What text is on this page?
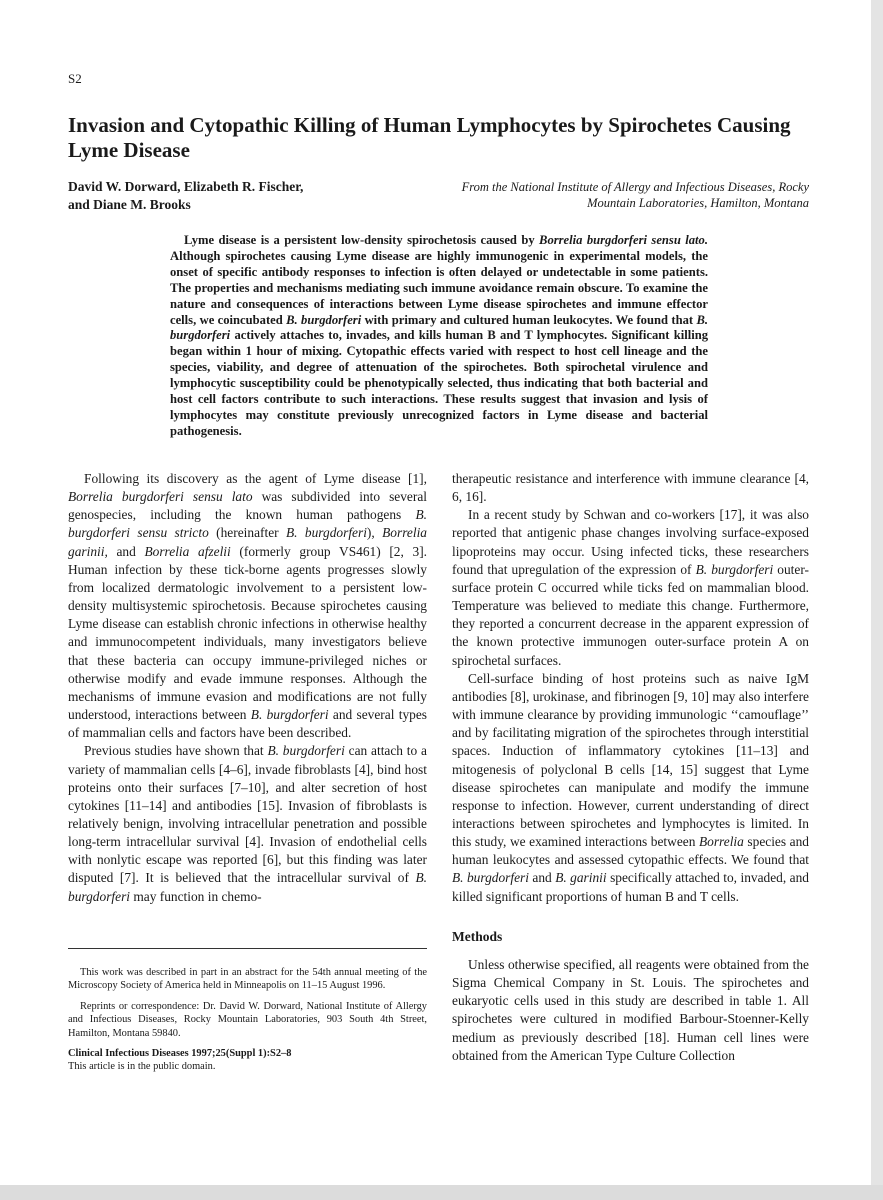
S2
Invasion and Cytopathic Killing of Human Lymphocytes by Spirochetes Causing Lyme Disease
David W. Dorward, Elizabeth R. Fischer,
and Diane M. Brooks
From the National Institute of Allergy and Infectious Diseases, Rocky
Mountain Laboratories, Hamilton, Montana

Lyme disease is a persistent low-density spirochetosis caused by Borrelia burgdorferi sensu lato. Although spirochetes causing Lyme disease are highly immunogenic in experimental models, the onset of specific antibody responses to infection is often delayed or undetectable in some patients. The properties and mechanisms mediating such immune avoidance remain obscure. To examine the nature and consequences of interactions between Lyme disease spirochetes and immune effector cells, we coincubated B. burgdorferi with primary and cultured human leukocytes. We found that B. burgdorferi actively attaches to, invades, and kills human B and T lymphocytes. Significant killing began within 1 hour of mixing. Cytopathic effects varied with respect to host cell lineage and the species, viability, and degree of attenuation of the spirochetes. Both spirochetal virulence and lymphocytic susceptibility could be phenotypically selected, thus indicating that both bacterial and host cell factors contribute to such interactions. These results suggest that invasion and lysis of lymphocytes may constitute previously unrecognized factors in Lyme disease and bacterial pathogenesis.

Following its discovery as the agent of Lyme disease [1], Borrelia burgdorferi sensu lato was subdivided into several genospecies, including the known human pathogens B. burgdorferi sensu stricto (hereinafter B. burgdorferi), Borrelia garinii, and Borrelia afzelii (formerly group VS461) [2, 3]. Human infection by these tick-borne agents progresses slowly from localized dermatologic involvement to a persistent low-density multisystemic spirochetosis. Because spirochetes causing Lyme disease can establish chronic infections in otherwise healthy and immunocompetent individuals, many investigators believe that these bacteria can occupy immune-privileged niches or otherwise modify and evade immune responses. Although the mechanisms of immune evasion and modifications are not fully understood, interactions between B. burgdorferi and several types of mammalian cells and factors have been described.

Previous studies have shown that B. burgdorferi can attach to a variety of mammalian cells [4–6], invade fibroblasts [4], bind host proteins onto their surfaces [7–10], and alter secretion of host cytokines [11–14] and antibodies [15]. Invasion of fibroblasts is relatively benign, involving intracellular penetration and possible long-term intracellular survival [4]. Invasion of endothelial cells with nonlytic escape was reported [6], but this finding was later disputed [7]. It is believed that the intracellular survival of B. burgdorferi may function in chemo-

This work was described in part in an abstract for the 54th annual meeting of the Microscopy Society of America held in Minneapolis on 11–15 August 1996.

Reprints or correspondence: Dr. David W. Dorward, National Institute of Allergy and Infectious Diseases, Rocky Mountain Laboratories, 903 South 4th Street, Hamilton, Montana 59840.

Clinical Infectious Diseases 1997;25(Suppl 1):S2–8
This article is in the public domain.

therapeutic resistance and interference with immune clearance [4, 6, 16].

In a recent study by Schwan and co-workers [17], it was also reported that antigenic phase changes involving surface-exposed lipoproteins may occur. Using infected ticks, these researchers found that upregulation of the expression of B. burgdorferi outer-surface protein C occurred while ticks fed on mammalian blood. Temperature was believed to mediate this change. Furthermore, they reported a concurrent decrease in the apparent expression of the known protective immunogen outer-surface protein A on spirochetal surfaces.

Cell-surface binding of host proteins such as naive IgM antibodies [8], urokinase, and fibrinogen [9, 10] may also interfere with immune clearance by providing immunologic ‘‘camouflage’’ and by facilitating migration of the spirochetes through interstitial spaces. Induction of inflammatory cytokines [11–13] and mitogenesis of polyclonal B cells [14, 15] suggest that Lyme disease spirochetes can manipulate and modify the immune response to infection. However, current understanding of direct interactions between spirochetes and lymphocytes is limited. In this study, we examined interactions between Borrelia species and human leukocytes and assessed cytopathic effects. We found that B. burgdorferi and B. garinii specifically attached to, invaded, and killed significant proportions of human B and T cells.

Methods

Unless otherwise specified, all reagents were obtained from the Sigma Chemical Company in St. Louis. The spirochetes and eukaryotic cells used in this study are described in table 1. All spirochetes were cultured in modified Barbour-Stoenner-Kelly medium as previously described [18]. Human cell lines were obtained from the American Type Culture Collection
